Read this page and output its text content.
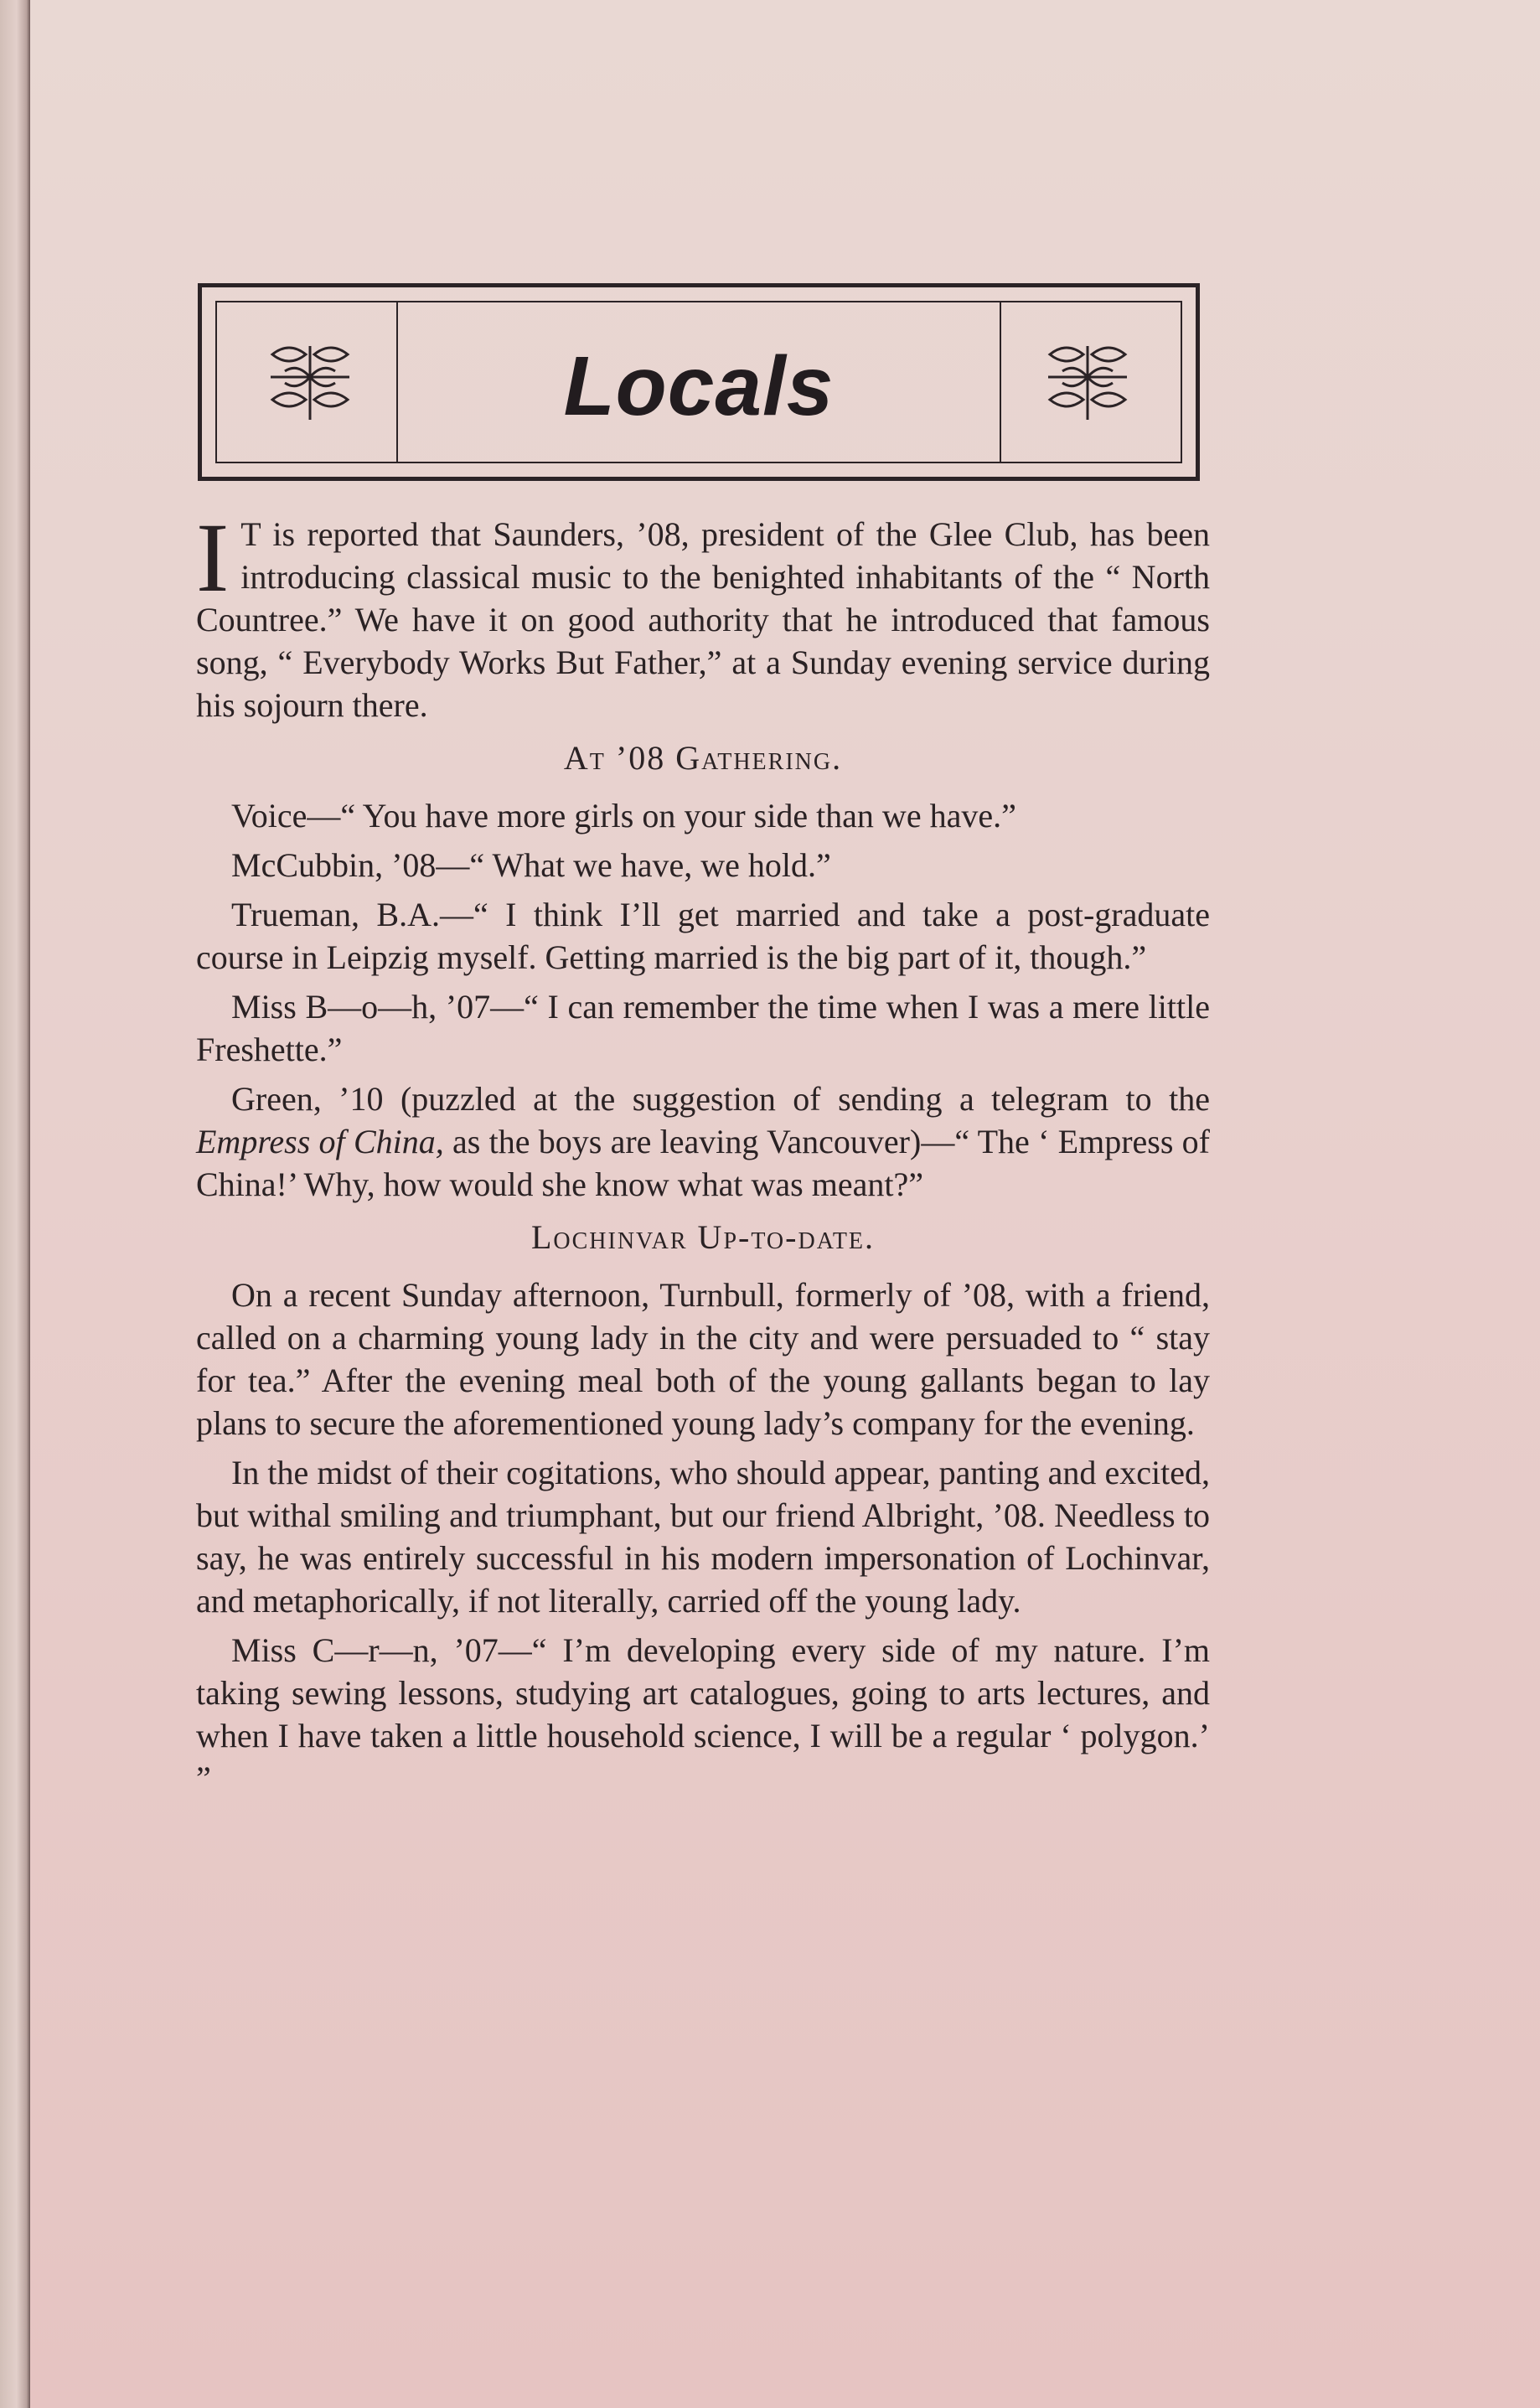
Locals

I T is reported that Saunders, ’08, president of the Glee Club, has been introducing classical music to the benighted inhabitants of the “ North Countree.” We have it on good authority that he introduced that famous song, “ Everybody Works But Father,” at a Sunday evening service during his sojourn there.

At ’08 Gathering.

Voice—“ You have more girls on your side than we have.”

McCubbin, ’08—“ What we have, we hold.”

Trueman, B.A.—“ I think I’ll get married and take a post-graduate course in Leipzig myself. Getting married is the big part of it, though.”

Miss B—o—h, ’07—“ I can remember the time when I was a mere little Freshette.”

Green, ’10 (puzzled at the suggestion of sending a telegram to the Empress of China, as the boys are leaving Vancouver)—“ The ‘ Empress of China!’ Why, how would she know what was meant?”

Lochinvar Up-to-date.

On a recent Sunday afternoon, Turnbull, formerly of ’08, with a friend, called on a charming young lady in the city and were persuaded to “ stay for tea.” After the evening meal both of the young gallants began to lay plans to secure the aforementioned young lady’s company for the evening.

In the midst of their cogitations, who should appear, panting and excited, but withal smiling and triumphant, but our friend Albright, ’08. Needless to say, he was entirely successful in his modern impersonation of Lochinvar, and metaphorically, if not literally, carried off the young lady.

Miss C—r—n, ’07—“ I’m developing every side of my nature. I’m taking sewing lessons, studying art catalogues, going to arts lectures, and when I have taken a little household science, I will be a regular ‘ polygon.’ ”
